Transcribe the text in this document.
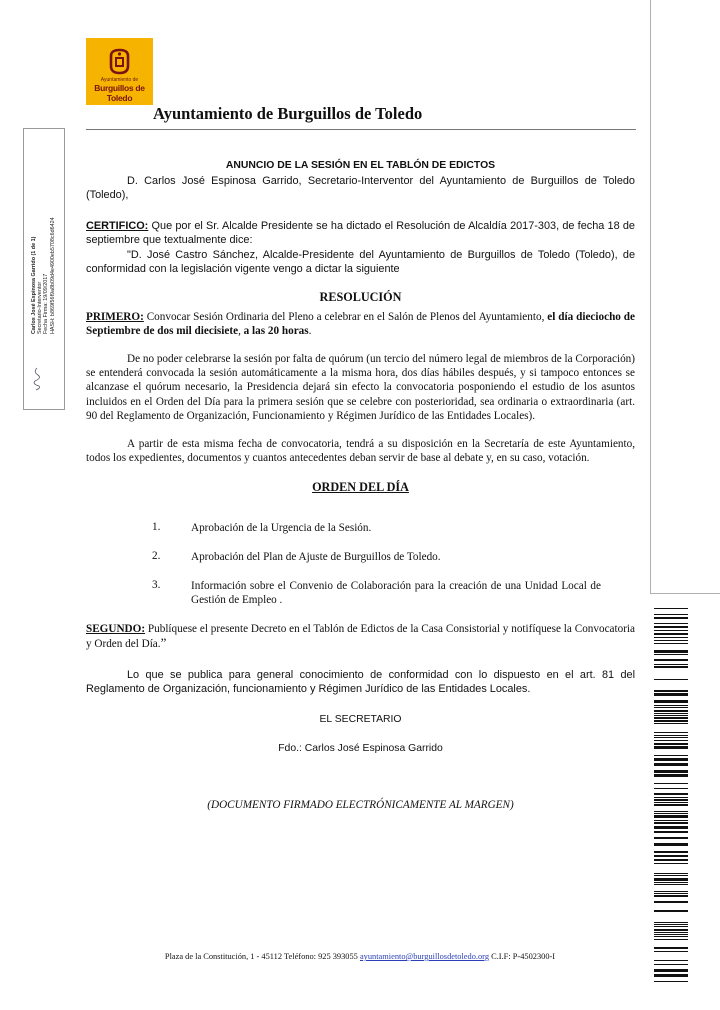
Ayuntamiento de
Burguillos de Toledo
Ayuntamiento de Burguillos de Toledo
Carlos José Espinosa Garrido (1 de 1) Secretario-Interventor Fecha Firma: 19/09/2017 HASH: b869f56f9a8b09d4e4900eb5708c6d6424
ANUNCIO DE LA SESIÓN EN EL TABLÓN DE EDICTOS
D. Carlos José Espinosa Garrido, Secretario-Interventor del Ayuntamiento de Burguillos de Toledo (Toledo),
CERTIFICO: Que por el Sr. Alcalde Presidente se ha dictado el Resolución de Alcaldía 2017-303, de fecha 18 de septiembre que textualmente dice:
"D. José Castro Sánchez, Alcalde-Presidente del Ayuntamiento de Burguillos de Toledo (Toledo), de conformidad con la legislación vigente vengo a dictar la siguiente
RESOLUCIÓN
PRIMERO: Convocar Sesión Ordinaria del Pleno a celebrar en el Salón de Plenos del Ayuntamiento, el día dieciocho de Septiembre de dos mil diecisiete, a las 20 horas.
De no poder celebrarse la sesión por falta de quórum (un tercio del número legal de miembros de la Corporación) se entenderá convocada la sesión automáticamente a la misma hora, dos días hábiles después, y si tampoco entonces se alcanzase el quórum necesario, la Presidencia dejará sin efecto la convocatoria posponiendo el estudio de los asuntos incluidos en el Orden del Día para la primera sesión que se celebre con posterioridad, sea ordinaria o extraordinaria (art. 90 del Reglamento de Organización, Funcionamiento y Régimen Jurídico de las Entidades Locales).
A partir de esta misma fecha de convocatoria, tendrá a su disposición en la Secretaría de este Ayuntamiento, todos los expedientes, documentos y cuantos antecedentes deban servir de base al debate y, en su caso, votación.
ORDEN DEL DÍA
1.	Aprobación de la Urgencia de la Sesión.
2.	Aprobación del Plan de Ajuste de Burguillos de Toledo.
3.	Información sobre el Convenio de Colaboración para la creación de una Unidad Local de Gestión de Empleo .
SEGUNDO: Publíquese el presente Decreto en el Tablón de Edictos de la Casa Consistorial y notifíquese la Convocatoria y Orden del Día.”
Lo que se publica para general conocimiento de conformidad con lo dispuesto en el art. 81 del Reglamento de Organización, funcionamiento y Régimen Jurídico de las Entidades Locales.
EL SECRETARIO
Fdo.: Carlos José Espinosa Garrido
(DOCUMENTO FIRMADO ELECTRÓNICAMENTE AL MARGEN)
Plaza de la Constitución, 1 - 45112 Teléfono: 925 393055 ayuntamiento@burguillosdetoledo.org C.I.F: P-4502300-I
